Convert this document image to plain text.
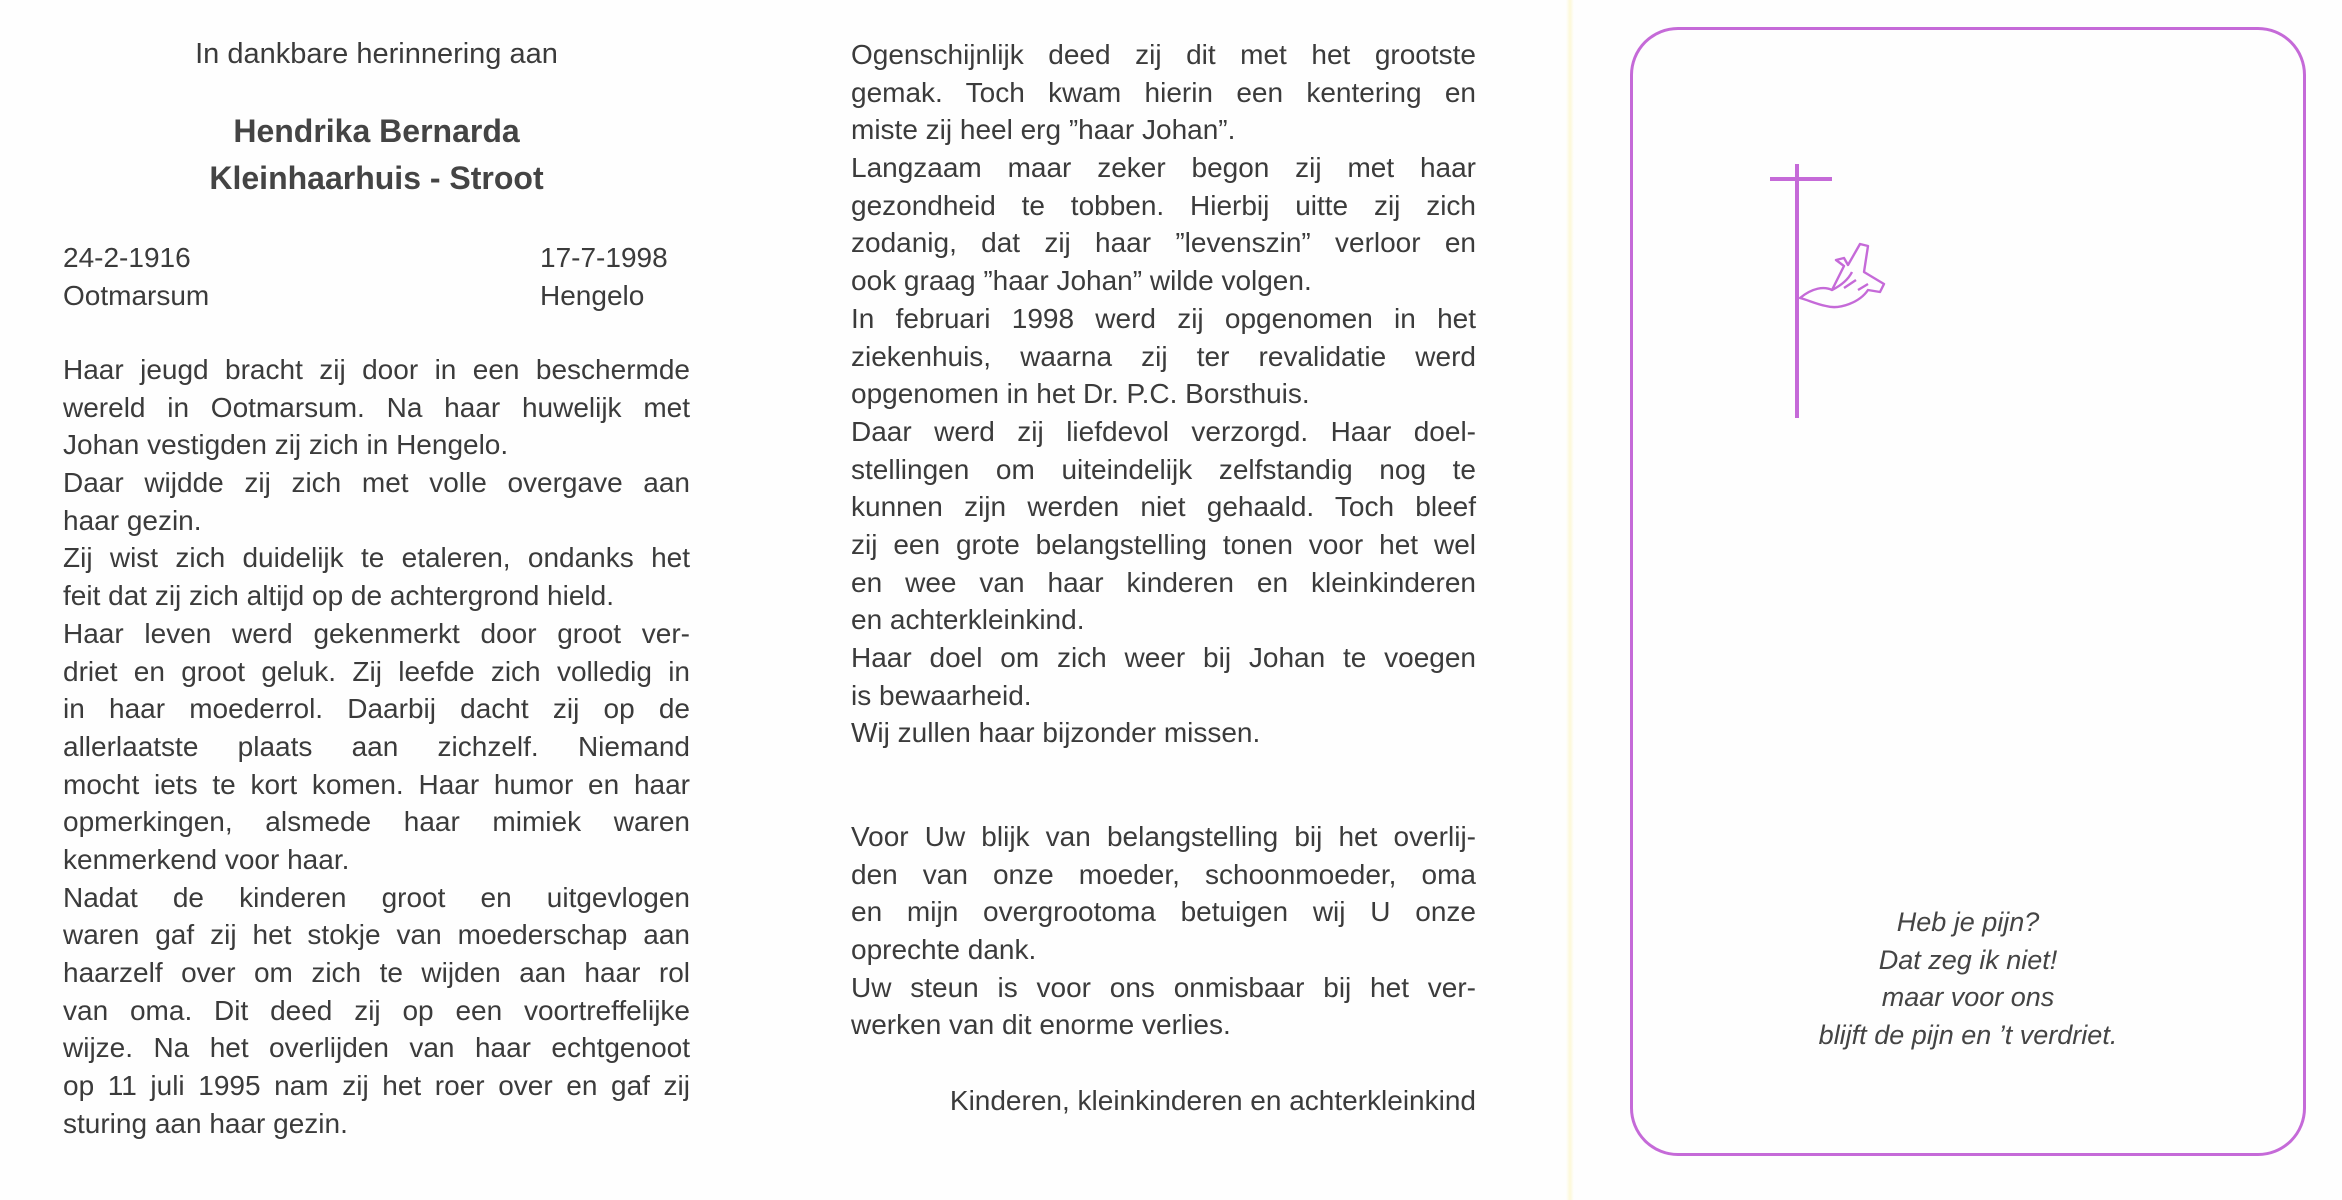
In dankbare herinnering aan
Hendrika Bernarda
Kleinhaarhuis - Stroot
24-2-1916
Ootmarsum
17-7-1998
Hengelo
Haar jeugd bracht zij door in een beschermde
wereld in Ootmarsum. Na haar huwelijk met
Johan vestigden zij zich in Hengelo.
Daar wijdde zij zich met volle overgave aan
haar gezin.
Zij wist zich duidelijk te etaleren, ondanks het
feit dat zij zich altijd op de achtergrond hield.
Haar leven werd gekenmerkt door groot ver-
driet en groot geluk. Zij leefde zich volledig in
in haar moederrol. Daarbij dacht zij op de
allerlaatste plaats aan zichzelf. Niemand
mocht iets te kort komen. Haar humor en haar
opmerkingen, alsmede haar mimiek waren
kenmerkend voor haar.
Nadat de kinderen groot en uitgevlogen
waren gaf zij het stokje van moederschap aan
haarzelf over om zich te wijden aan haar rol
van oma. Dit deed zij op een voortreffelijke
wijze. Na het overlijden van haar echtgenoot
op 11 juli 1995 nam zij het roer over en gaf zij
sturing aan haar gezin.
Ogenschijnlijk deed zij dit met het grootste
gemak. Toch kwam hierin een kentering en
miste zij heel erg ”haar Johan”.
Langzaam maar zeker begon zij met haar
gezondheid te tobben. Hierbij uitte zij zich
zodanig, dat zij haar ”levenszin” verloor en
ook graag ”haar Johan” wilde volgen.
In februari 1998 werd zij opgenomen in het
ziekenhuis, waarna zij ter revalidatie werd
opgenomen in het Dr. P.C. Borsthuis.
Daar werd zij liefdevol verzorgd. Haar doel-
stellingen om uiteindelijk zelfstandig nog te
kunnen zijn werden niet gehaald. Toch bleef
zij een grote belangstelling tonen voor het wel
en wee van haar kinderen en kleinkinderen
en achterkleinkind.
Haar doel om zich weer bij Johan te voegen
is bewaarheid.
Wij zullen haar bijzonder missen.
Voor Uw blijk van belangstelling bij het overlij-
den van onze moeder, schoonmoeder, oma
en mijn overgrootoma betuigen wij U onze
oprechte dank.
Uw steun is voor ons onmisbaar bij het ver-
werken van dit enorme verlies.
Kinderen, kleinkinderen en achterkleinkind
Heb je pijn?
Dat zeg ik niet!
maar voor ons
blijft de pijn en ’t verdriet.
